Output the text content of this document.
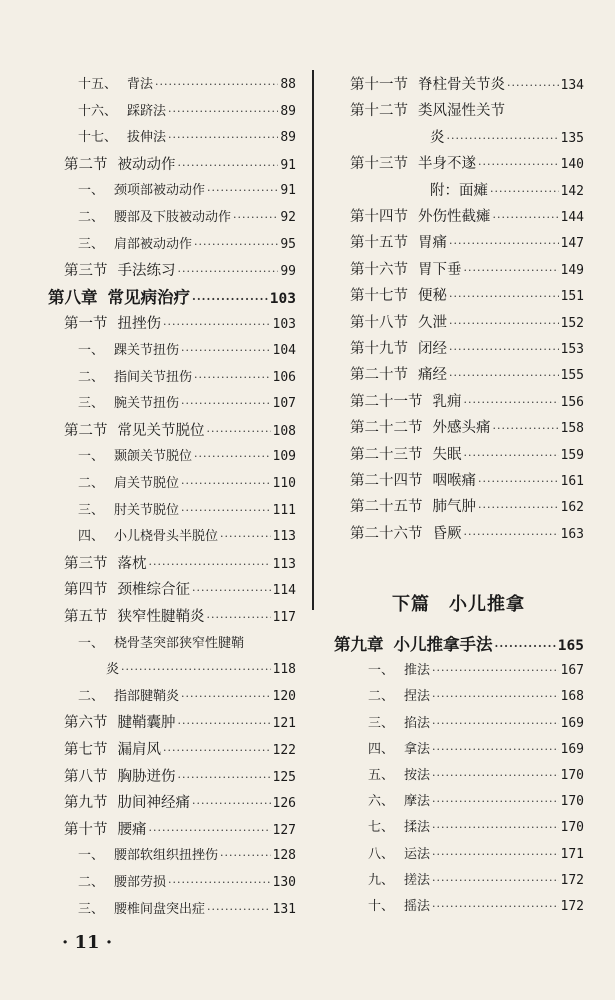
十五、 背法 ·····	88
十六、 踩跻法 ·····	89
十七、 拔伸法 ·····	89
第二节 被动动作 ·····	91
一、 颈项部被动动作 ·····	91
二、 腰部及下肢被动动作 ·····	92
三、 肩部被动动作 ·····	95
第三节 手法练习 ·····	99
第八章 常见病治疗 ·····	103
第一节 扭挫伤 ·····	103
一、 踝关节扭伤 ·····	104
二、 指间关节扭伤 ·····	106
三、 腕关节扭伤 ·····	107
第二节 常见关节脱位 ·····	108
一、 颞颌关节脱位 ·····	109
二、 肩关节脱位 ·····	110
三、 肘关节脱位 ·····	111
四、 小儿桡骨头半脱位 ·····	113
第三节 落枕 ·····	113
第四节 颈椎综合征 ·····	114
第五节 狭窄性腱鞘炎 ·····	117
一、 桡骨茎突部狭窄性腱鞘
炎 ·····	118
二、 指部腱鞘炎 ·····	120
第六节 腱鞘囊肿 ·····	121
第七节 漏肩风 ·····	122
第八节 胸胁迸伤 ·····	125
第九节 肋间神经痛 ·····	126
第十节 腰痛 ·····	127
一、 腰部软组织扭挫伤 ·····	128
二、 腰部劳损 ·····	130
三、 腰椎间盘突出症 ·····	131
第十一节 脊柱骨关节炎 ·····	134
第十二节 类风湿性关节
炎 ·····	135
第十三节 半身不遂 ·····	140
附：面瘫 ·····	142
第十四节 外伤性截瘫 ·····	144
第十五节 胃痛 ·····	147
第十六节 胃下垂 ·····	149
第十七节 便秘 ·····	151
第十八节 久泄 ·····	152
第十九节 闭经 ·····	153
第二十节 痛经 ·····	155
第二十一节 乳痈 ·····	156
第二十二节 外感头痛 ·····	158
第二十三节 失眠 ·····	159
第二十四节 咽喉痛 ·····	161
第二十五节 肺气肿 ·····	162
第二十六节 昏厥 ·····	163
第九章 小儿推拿手法 ·····	165
一、 推法 ·····	167
二、 捏法 ·····	168
三、 掐法 ·····	169
四、 拿法 ·····	169
五、 按法 ·····	170
六、 摩法 ·····	170
七、 揉法 ·····	170
八、 运法 ·····	171
九、 搓法 ·····	172
十、 摇法 ·····	172
下篇　小儿推拿
· 11 ·
